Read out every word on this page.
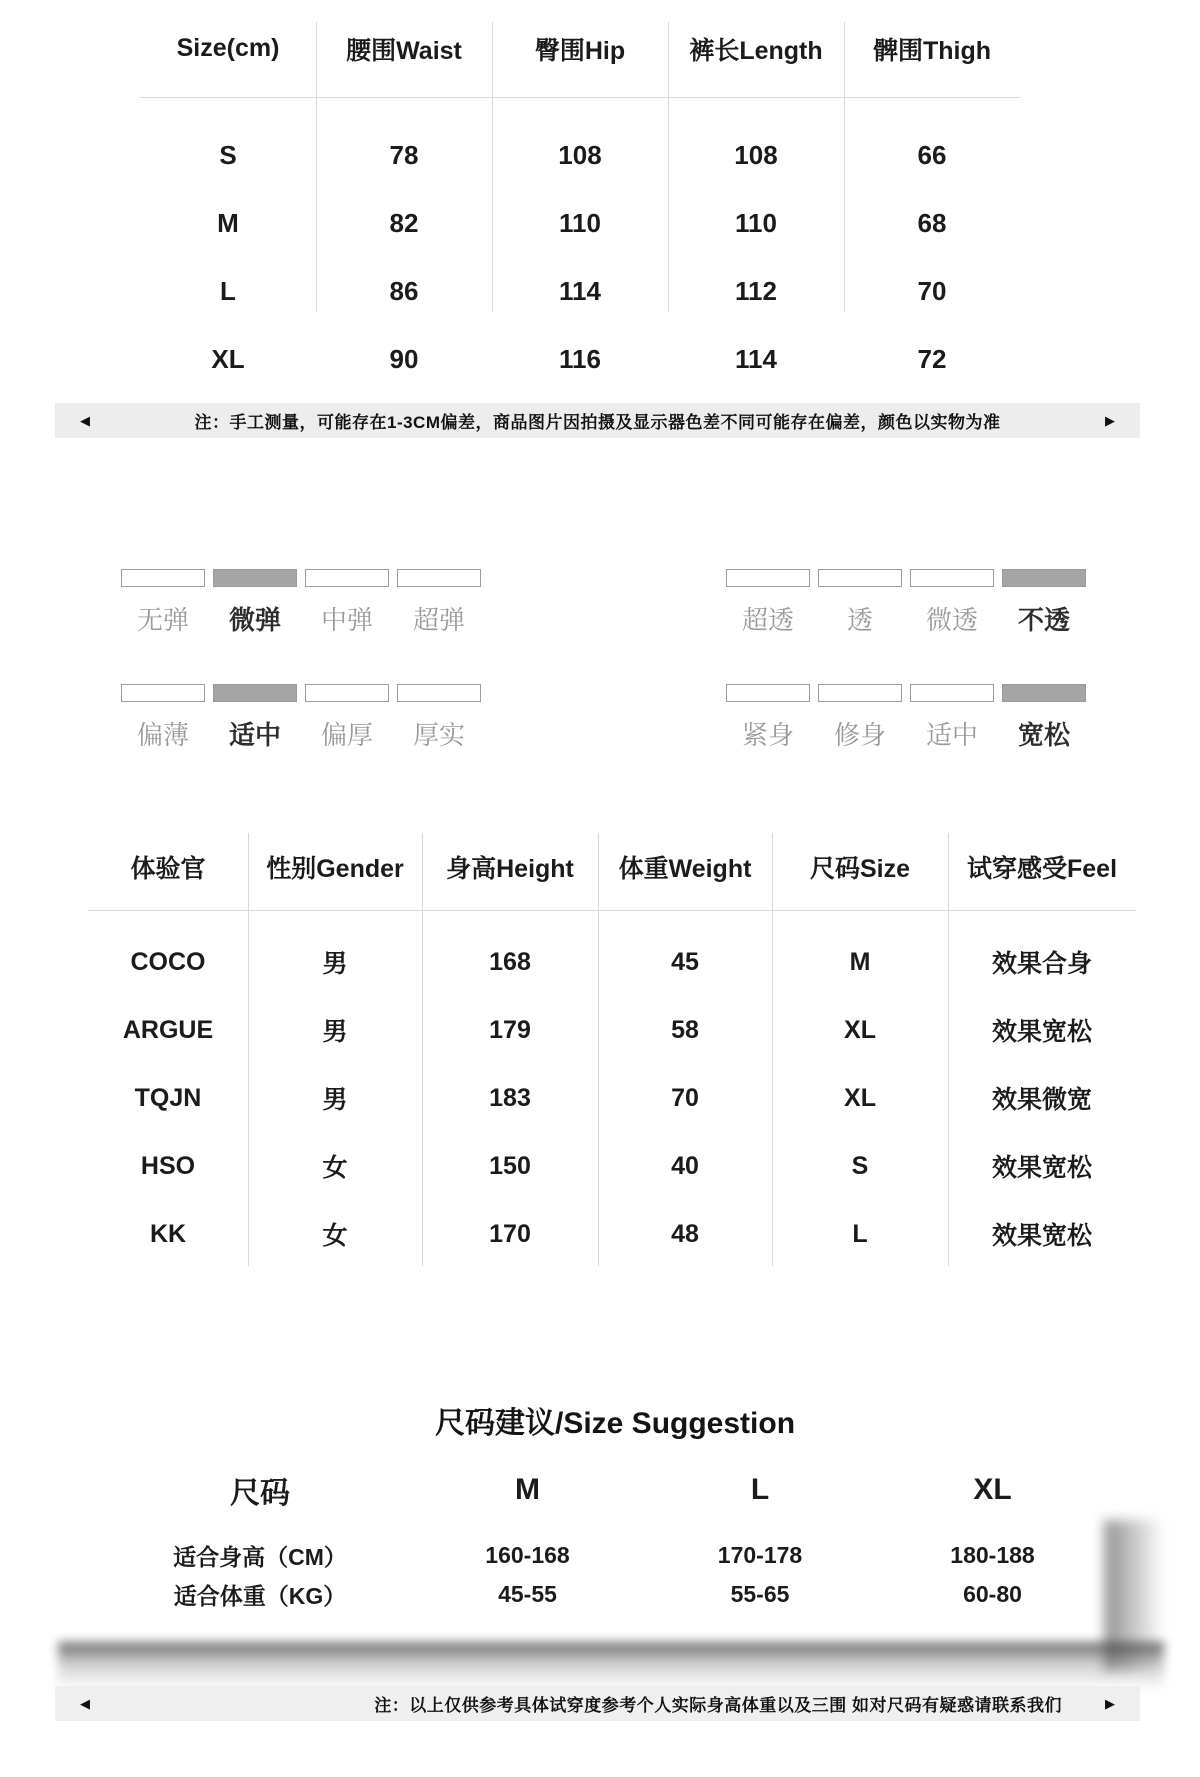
Size(cm)	腰围Waist	臀围Hip	裤长Length	髀围Thigh
S	78	108	108	66
M	82	110	110	68
L	86	114	112	70
XL	90	116	114	72
◀	注：手工测量，可能存在1-3CM偏差，商品图片因拍摄及显示器色差不同可能存在偏差，颜色以实物为准	▶
无弹	微弹	中弹	超弹	超透	透	微透	不透
偏薄	适中	偏厚	厚实	紧身	修身	适中	宽松
体验官	性别Gender	身高Height	体重Weight	尺码Size	试穿感受Feel
COCO	男	168	45	M	效果合身
ARGUE	男	179	58	XL	效果宽松
TQJN	男	183	70	XL	效果微宽
HSO	女	150	40	S	效果宽松
KK	女	170	48	L	效果宽松
尺码建议/Size Suggestion
尺码	M	L	XL
适合身高（CM）	160-168	170-178	180-188
适合体重（KG）	45-55	55-65	60-80
◀	注：以上仅供参考具体试穿度参考个人实际身高体重以及三围 如对尺码有疑惑请联系我们	▶
